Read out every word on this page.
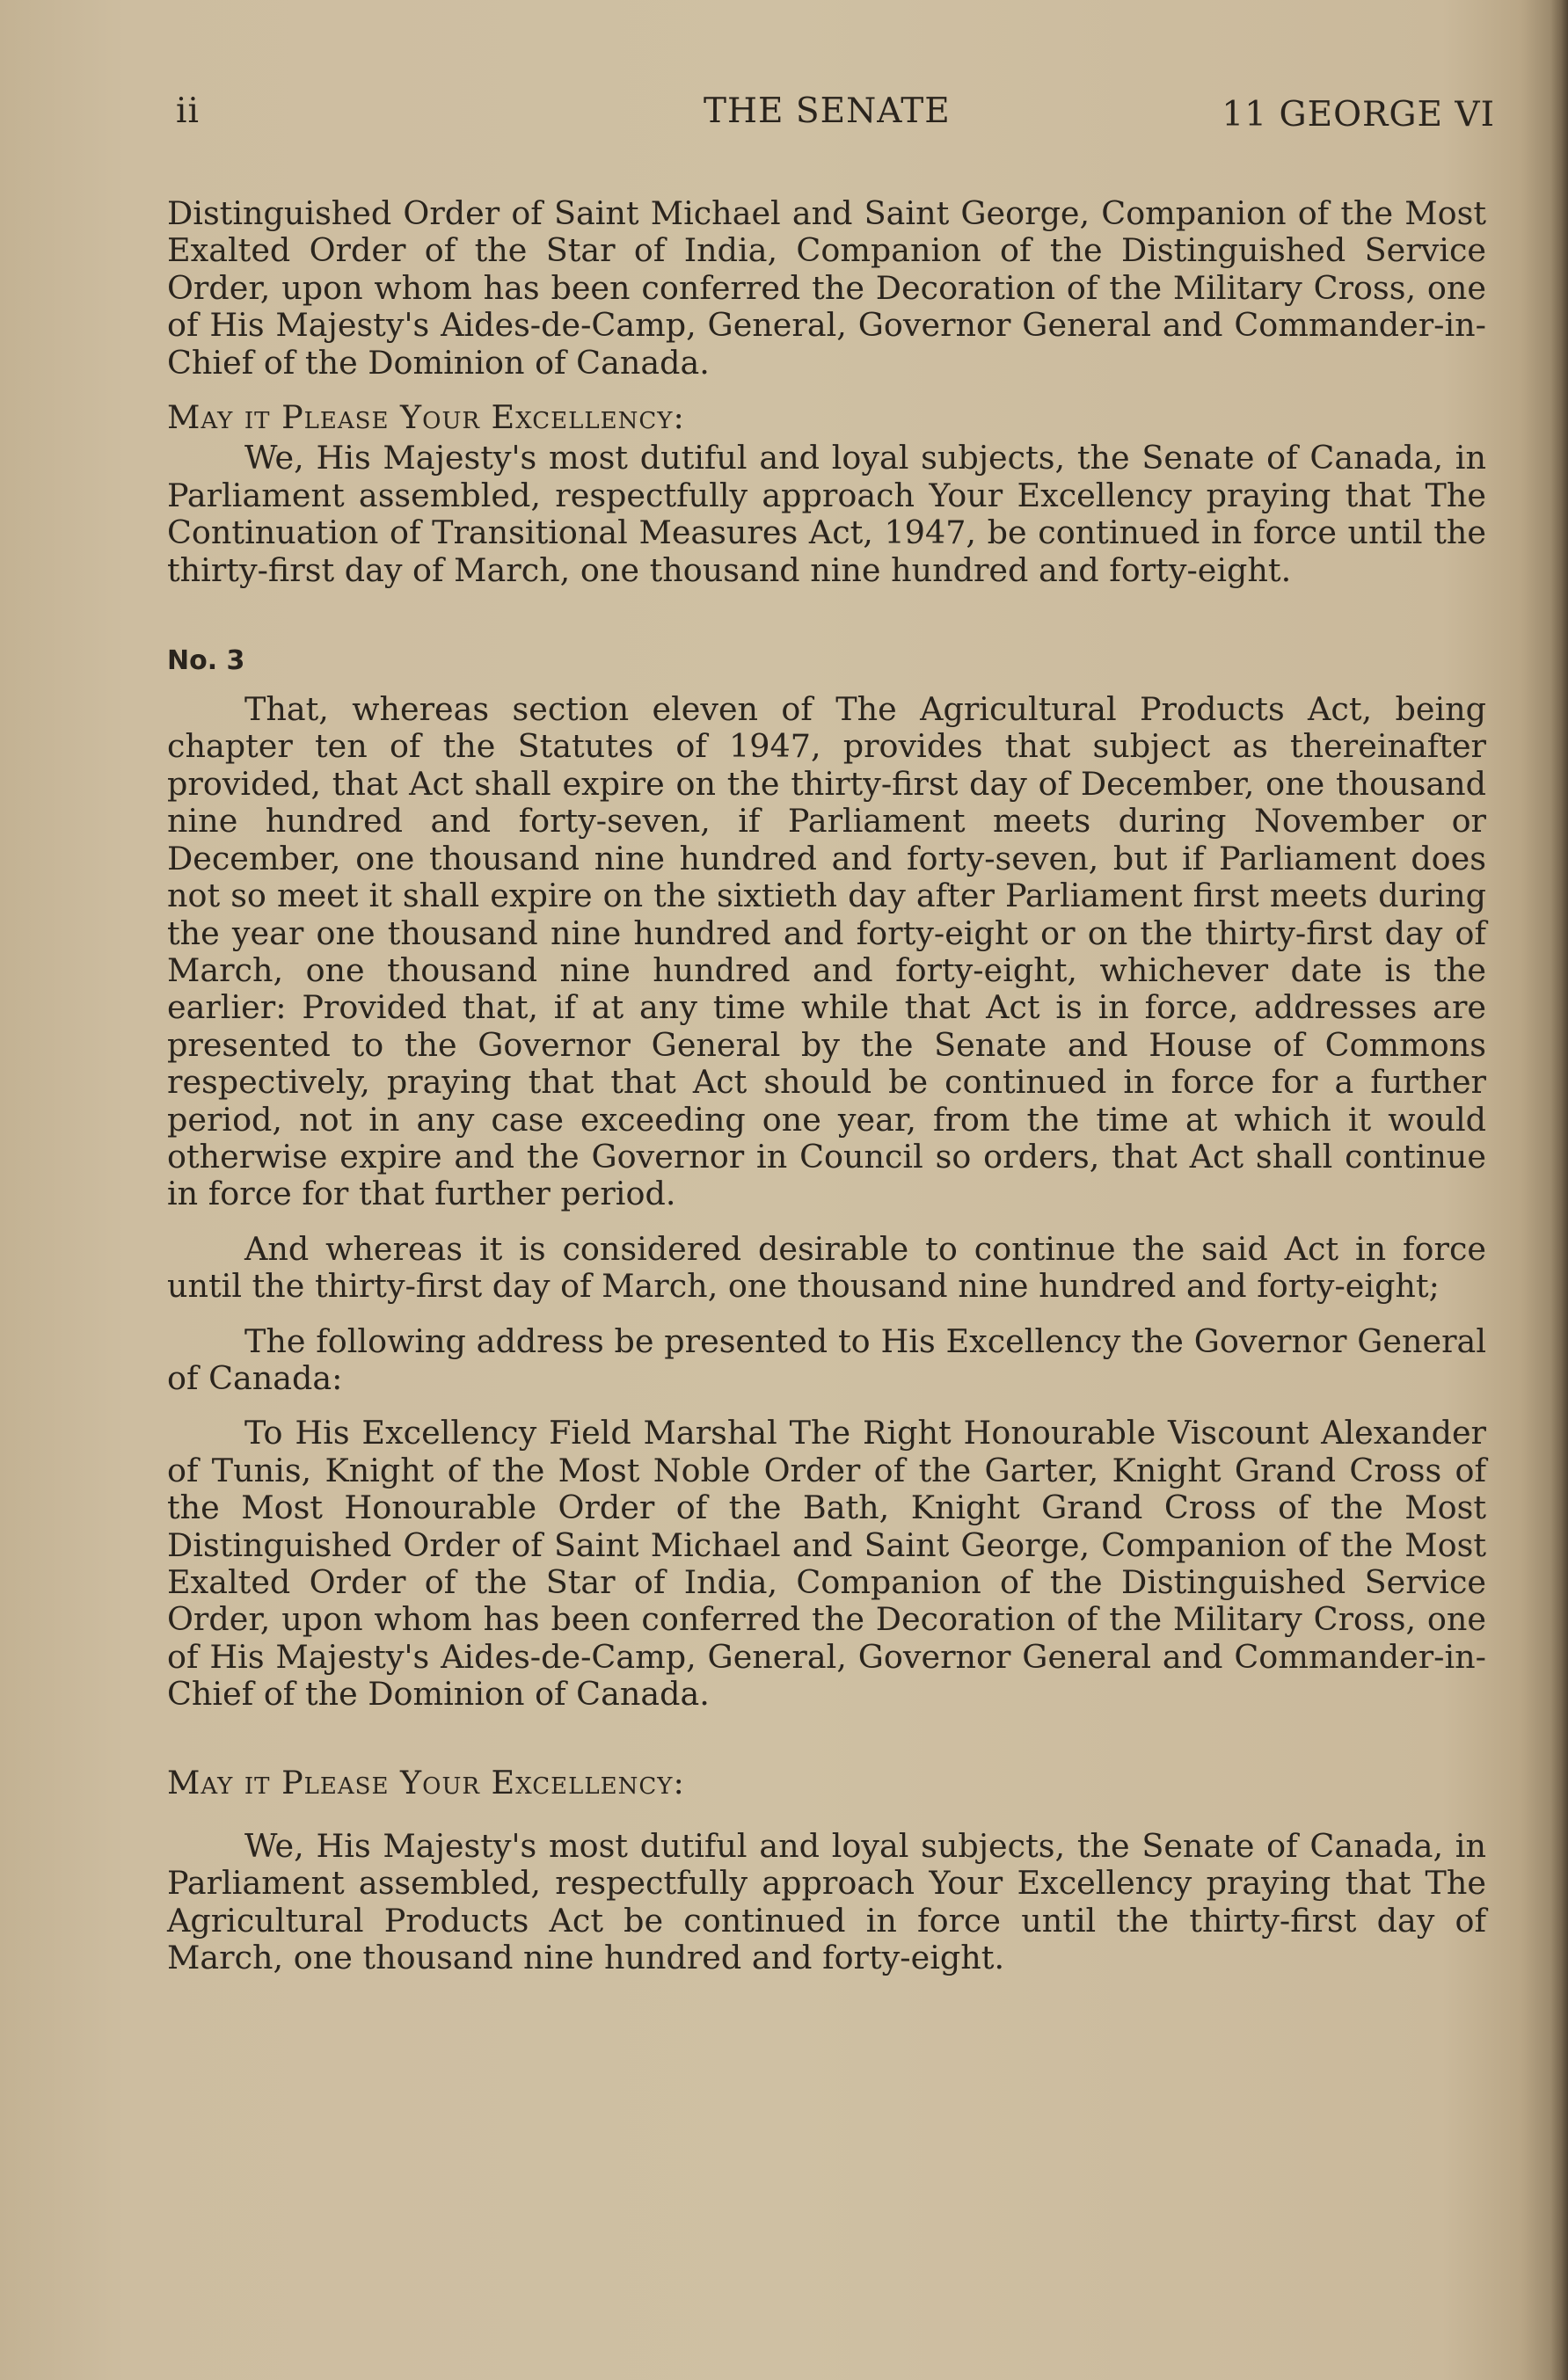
ii	THE SENATE	11 GEORGE VI

Distinguished Order of Saint Michael and Saint George, Companion of the Most Exalted Order of the Star of India, Companion of the Distinguished Service Order, upon whom has been conferred the Decoration of the Military Cross, one of His Majesty's Aides-de-Camp, General, Governor General and Commander-in-Chief of the Dominion of Canada.

May it Please Your Excellency:

We, His Majesty's most dutiful and loyal subjects, the Senate of Canada, in Parliament assembled, respectfully approach Your Excellency praying that The Continuation of Transitional Measures Act, 1947, be continued in force until the thirty-first day of March, one thousand nine hundred and forty-eight.

No. 3

That, whereas section eleven of The Agricultural Products Act, being chapter ten of the Statutes of 1947, provides that subject as thereinafter provided, that Act shall expire on the thirty-first day of December, one thousand nine hundred and forty-seven, if Parliament meets during November or December, one thousand nine hundred and forty-seven, but if Parliament does not so meet it shall expire on the sixtieth day after Parliament first meets during the year one thousand nine hundred and forty-eight or on the thirty-first day of March, one thousand nine hundred and forty-eight, whichever date is the earlier: Provided that, if at any time while that Act is in force, addresses are presented to the Governor General by the Senate and House of Commons respectively, praying that that Act should be continued in force for a further period, not in any case exceeding one year, from the time at which it would otherwise expire and the Governor in Council so orders, that Act shall continue in force for that further period.

And whereas it is considered desirable to continue the said Act in force until the thirty-first day of March, one thousand nine hundred and forty-eight;

The following address be presented to His Excellency the Governor General of Canada:

To His Excellency Field Marshal The Right Honourable Viscount Alexander of Tunis, Knight of the Most Noble Order of the Garter, Knight Grand Cross of the Most Honourable Order of the Bath, Knight Grand Cross of the Most Distinguished Order of Saint Michael and Saint George, Companion of the Most Exalted Order of the Star of India, Companion of the Distinguished Service Order, upon whom has been conferred the Decoration of the Military Cross, one of His Majesty's Aides-de-Camp, General, Governor General and Commander-in-Chief of the Dominion of Canada.

May it Please Your Excellency:

We, His Majesty's most dutiful and loyal subjects, the Senate of Canada, in Parliament assembled, respectfully approach Your Excellency praying that The Agricultural Products Act be continued in force until the thirty-first day of March, one thousand nine hundred and forty-eight.
